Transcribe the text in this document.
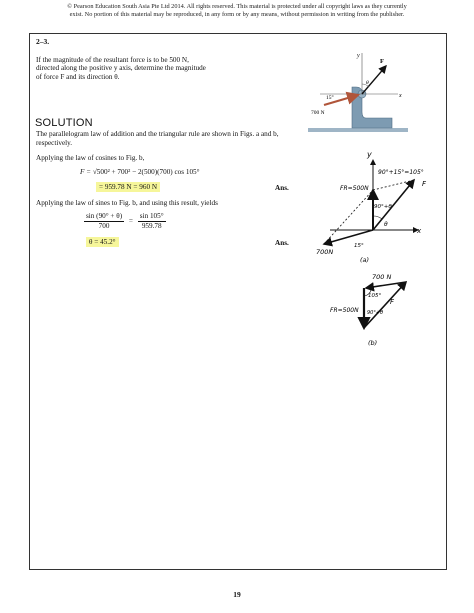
© Pearson Education South Asia Pte Ltd 2014. All rights reserved. This material is protected under all copyright laws as they currently
exist. No portion of this material may be reproduced, in any form or by any means, without permission in writing from the publisher.
2–3.
If the magnitude of the resultant force is to be 500 N,
directed along the positive y axis, determine the magnitude
of force F and its direction θ.
y
x
F
θ
15°
700 N
SOLUTION
The parallelogram law of addition and the triangular rule are shown in Figs. a and b,
respectively.
Applying the law of cosines to Fig. b,
F = √500² + 700² − 2(500)(700) cos 105°
= 959.78 N = 960 N	Ans.
Applying the law of sines to Fig. b, and using this result, yields
$\frac{\sin (90^\circ + \theta)}{700} = \frac{\sin 105^\circ}{959.78}$
θ = 45.2°	Ans.
y
x
FR=500N
90°+15°=105°
F
90°+θ
θ
700N
15°
(a)
700 N
105°
F
FR=500N 90°+θ
(b)
19
